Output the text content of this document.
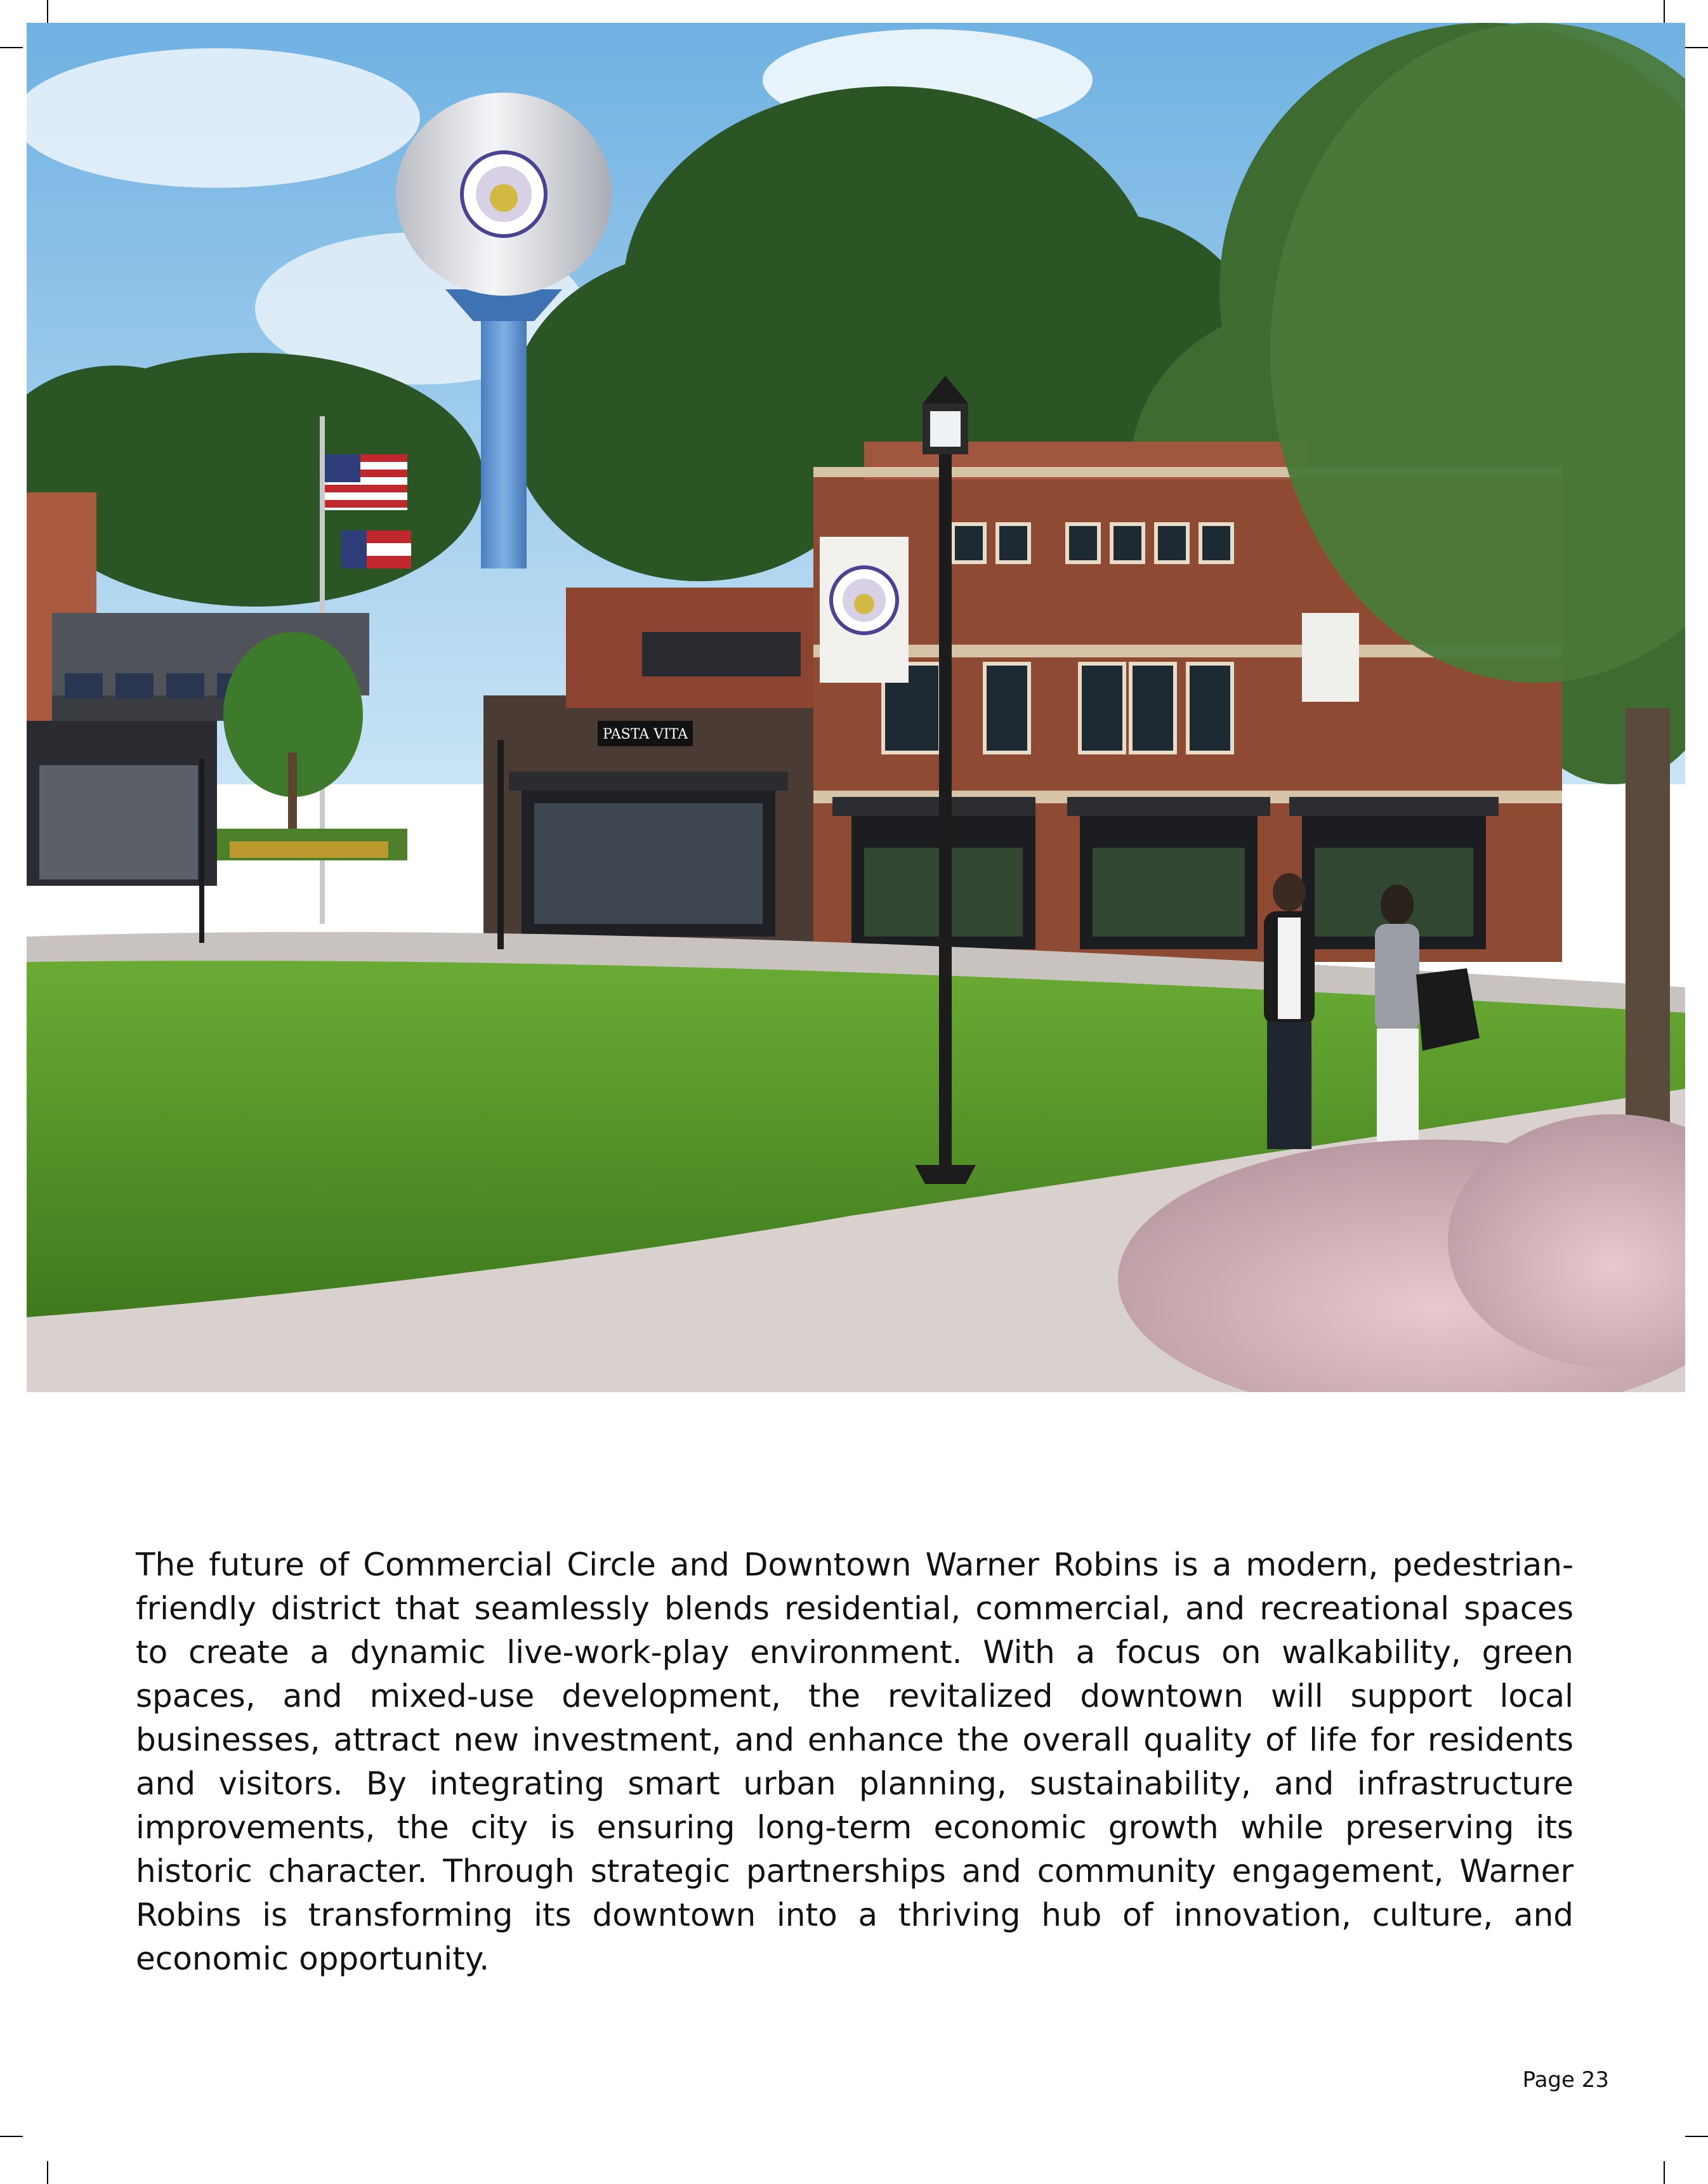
PASTA VITA

The future of Commercial Circle and Downtown Warner Robins is a modern, pedestrian-friendly district that seamlessly blends residential, commercial, and recreational spaces to create a dynamic live-work-play environment. With a focus on walkability, green spaces, and mixed-use development, the revitalized downtown will support local businesses, attract new investment, and enhance the overall quality of life for residents and visitors. By integrating smart urban planning, sustainability, and infrastructure improvements, the city is ensuring long-term economic growth while preserving its historic character. Through strategic partnerships and community engagement, Warner Robins is transforming its downtown into a thriving hub of innovation, culture, and economic opportunity.

Page 23
